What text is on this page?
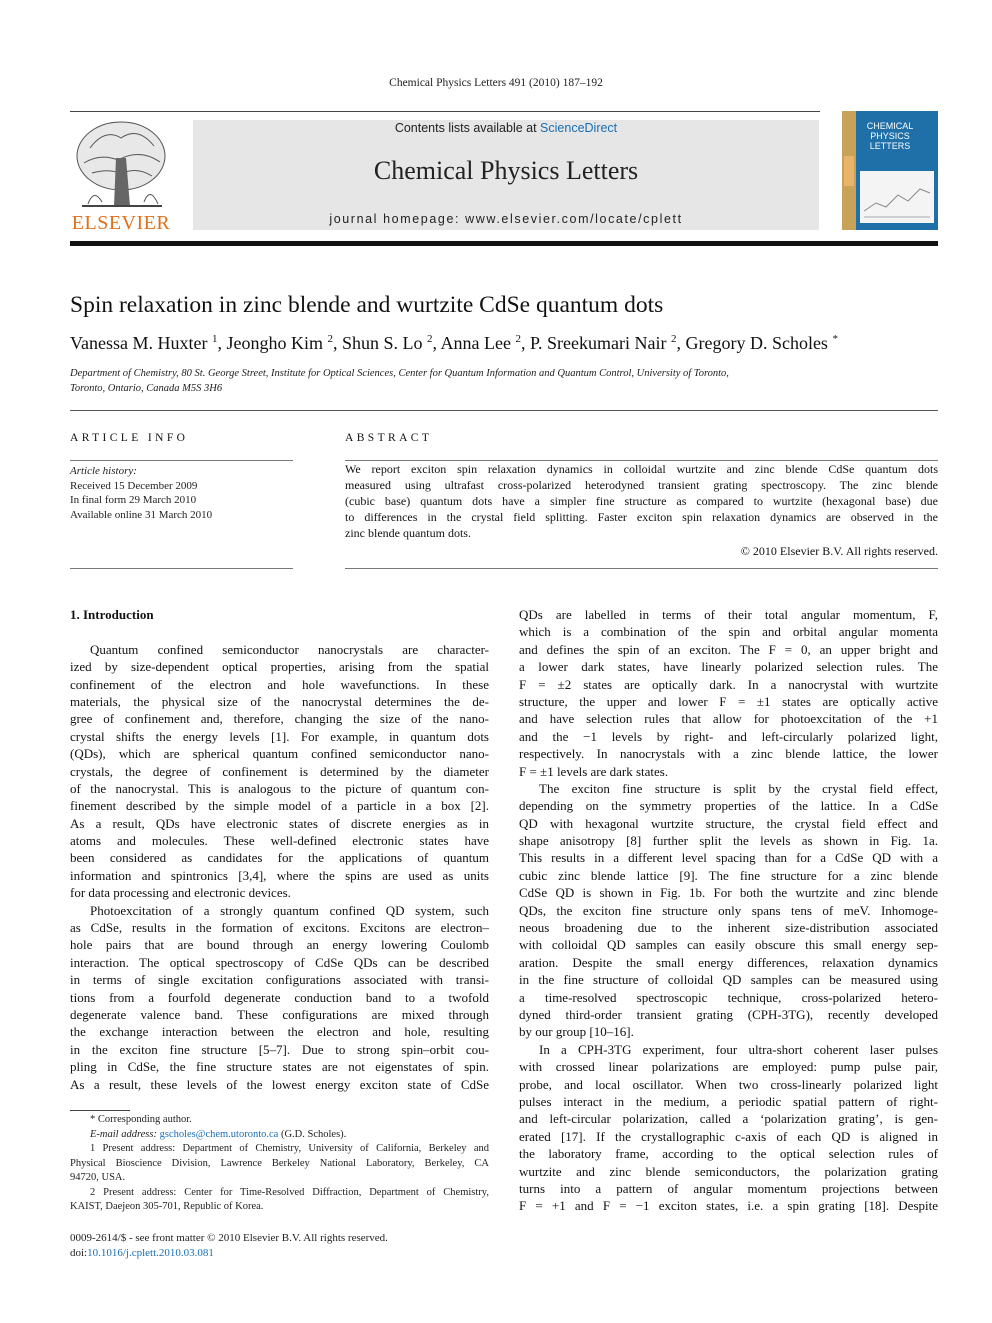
Chemical Physics Letters 491 (2010) 187–192
ELSEVIER
Contents lists available at ScienceDirect
Chemical Physics Letters
journal homepage: www.elsevier.com/locate/cplett
CHEMICAL
PHYSICS
LETTERS
Spin relaxation in zinc blende and wurtzite CdSe quantum dots
Vanessa M. Huxter $^1$, Jeongho Kim $^2$, Shun S. Lo $^2$, Anna Lee $^2$, P. Sreekumari Nair $^2$, Gregory D. Scholes *
Department of Chemistry, 80 St. George Street, Institute for Optical Sciences, Center for Quantum Information and Quantum Control, University of Toronto,
Toronto, Ontario, Canada M5S 3H6
ARTICLE INFO
Article history:
Received 15 December 2009
In final form 29 March 2010
Available online 31 March 2010
ABSTRACT
We report exciton spin relaxation dynamics in colloidal wurtzite and zinc blende CdSe quantum dots
measured using ultrafast cross-polarized heterodyned transient grating spectroscopy. The zinc blende
(cubic base) quantum dots have a simpler fine structure as compared to wurtzite (hexagonal base) due
to differences in the crystal field splitting. Faster exciton spin relaxation dynamics are observed in the
zinc blende quantum dots.
© 2010 Elsevier B.V. All rights reserved.
1. Introduction
Quantum confined semiconductor nanocrystals are character-
ized by size-dependent optical properties, arising from the spatial
confinement of the electron and hole wavefunctions. In these
materials, the physical size of the nanocrystal determines the de-
gree of confinement and, therefore, changing the size of the nano-
crystal shifts the energy levels [1]. For example, in quantum dots
(QDs), which are spherical quantum confined semiconductor nano-
crystals, the degree of confinement is determined by the diameter
of the nanocrystal. This is analogous to the picture of quantum con-
finement described by the simple model of a particle in a box [2].
As a result, QDs have electronic states of discrete energies as in
atoms and molecules. These well-defined electronic states have
been considered as candidates for the applications of quantum
information and spintronics [3,4], where the spins are used as units
for data processing and electronic devices.
Photoexcitation of a strongly quantum confined QD system, such
as CdSe, results in the formation of excitons. Excitons are electron–
hole pairs that are bound through an energy lowering Coulomb
interaction. The optical spectroscopy of CdSe QDs can be described
in terms of single excitation configurations associated with transi-
tions from a fourfold degenerate conduction band to a twofold
degenerate valence band. These configurations are mixed through
the exchange interaction between the electron and hole, resulting
in the exciton fine structure [5–7]. Due to strong spin–orbit cou-
pling in CdSe, the fine structure states are not eigenstates of spin.
As a result, these levels of the lowest energy exciton state of CdSe
QDs are labelled in terms of their total angular momentum, F,
which is a combination of the spin and orbital angular momenta
and defines the spin of an exciton. The F = 0, an upper bright and
a lower dark states, have linearly polarized selection rules. The
F = ±2 states are optically dark. In a nanocrystal with wurtzite
structure, the upper and lower F = ±1 states are optically active
and have selection rules that allow for photoexcitation of the +1
and the −1 levels by right- and left-circularly polarized light,
respectively. In nanocrystals with a zinc blende lattice, the lower
F = ±1 levels are dark states.
The exciton fine structure is split by the crystal field effect,
depending on the symmetry properties of the lattice. In a CdSe
QD with hexagonal wurtzite structure, the crystal field effect and
shape anisotropy [8] further split the levels as shown in Fig. 1a.
This results in a different level spacing than for a CdSe QD with a
cubic zinc blende lattice [9]. The fine structure for a zinc blende
CdSe QD is shown in Fig. 1b. For both the wurtzite and zinc blende
QDs, the exciton fine structure only spans tens of meV. Inhomoge-
neous broadening due to the inherent size-distribution associated
with colloidal QD samples can easily obscure this small energy sep-
aration. Despite the small energy differences, relaxation dynamics
in the fine structure of colloidal QD samples can be measured using
a time-resolved spectroscopic technique, cross-polarized hetero-
dyned third-order transient grating (CPH-3TG), recently developed
by our group [10–16].
In a CPH-3TG experiment, four ultra-short coherent laser pulses
with crossed linear polarizations are employed: pump pulse pair,
probe, and local oscillator. When two cross-linearly polarized light
pulses interact in the medium, a periodic spatial pattern of right-
and left-circular polarization, called a ‘polarization grating’, is gen-
erated [17]. If the crystallographic c-axis of each QD is aligned in
the laboratory frame, according to the optical selection rules of
wurtzite and zinc blende semiconductors, the polarization grating
turns into a pattern of angular momentum projections between
F = +1 and F = −1 exciton states, i.e. a spin grating [18]. Despite
* Corresponding author.
E-mail address: gscholes@chem.utoronto.ca (G.D. Scholes).
1 Present address: Department of Chemistry, University of California, Berkeley and
Physical Bioscience Division, Lawrence Berkeley National Laboratory, Berkeley, CA
94720, USA.
2 Present address: Center for Time-Resolved Diffraction, Department of Chemistry,
KAIST, Daejeon 305-701, Republic of Korea.
0009-2614/$ - see front matter © 2010 Elsevier B.V. All rights reserved.
doi:10.1016/j.cplett.2010.03.081
